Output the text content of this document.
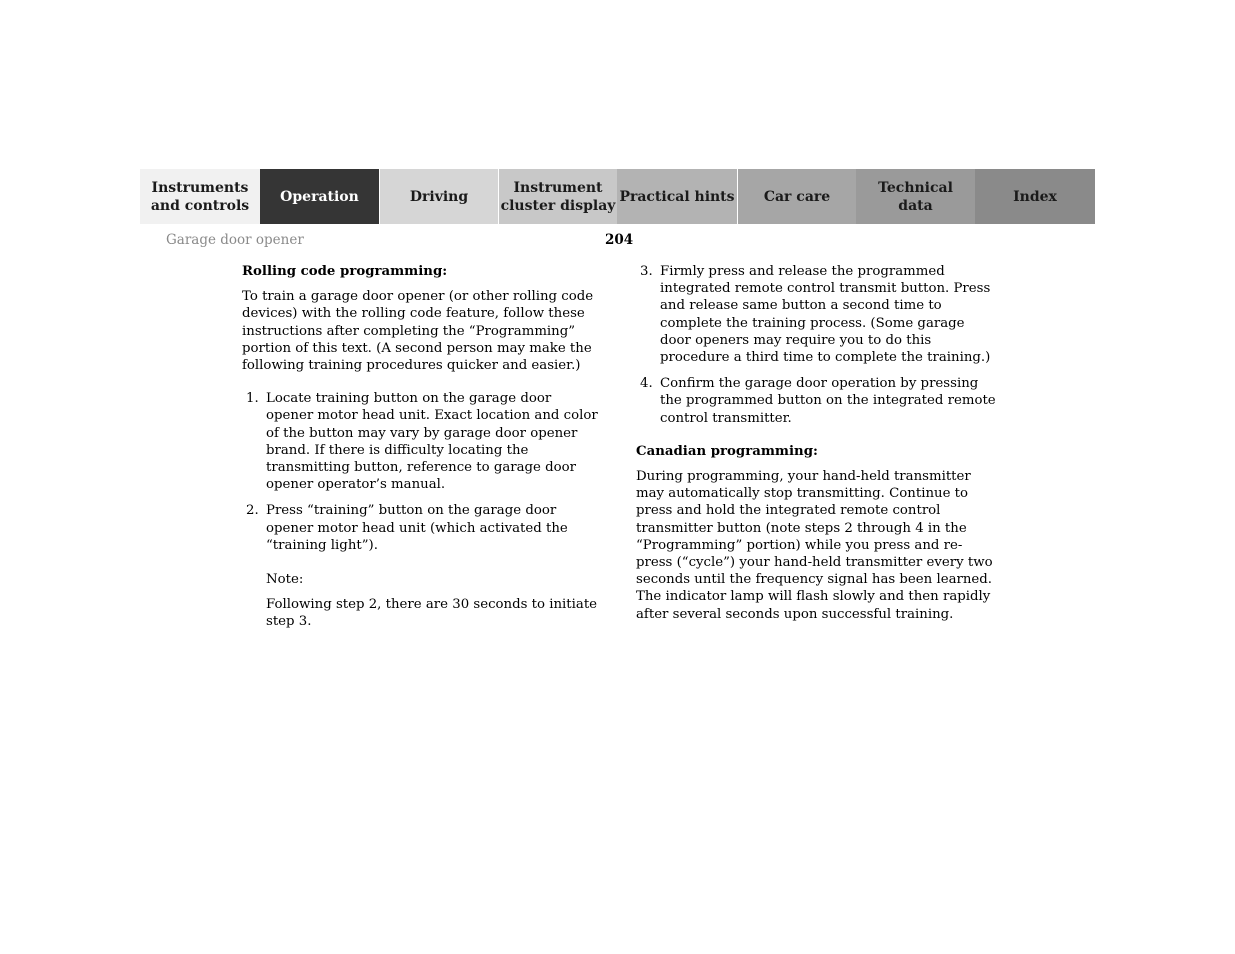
Instruments
and controls
Operation	Driving
Instrument
cluster display
Practical hints Car care
Technical
data
Index
Garage door opener	204

Rolling code programming:

To train a garage door opener (or other rolling code devices) with the rolling code feature, follow these instructions after completing the “Programming” portion of this text. (A second person may make the following training procedures quicker and easier.)

1. Locate training button on the garage door opener motor head unit. Exact location and color of the button may vary by garage door opener brand. If there is difficulty locating the transmitting button, reference to garage door opener operator’s manual.
2. Press “training” button on the garage door opener motor head unit (which activated the “training light”).

Note:

Following step 2, there are 30 seconds to initiate step 3.

3. Firmly press and release the programmed integrated remote control transmit button. Press and release same button a second time to complete the training process. (Some garage door openers may require you to do this procedure a third time to complete the training.)
4. Confirm the garage door operation by pressing the programmed button on the integrated remote control transmitter.

Canadian programming:

During programming, your hand-held transmitter may automatically stop transmitting. Continue to press and hold the integrated remote control transmitter button (note steps 2 through 4 in the “Programming” portion) while you press and re-press (“cycle”) your hand-held transmitter every two seconds until the frequency signal has been learned. The indicator lamp will flash slowly and then rapidly after several seconds upon successful training.
